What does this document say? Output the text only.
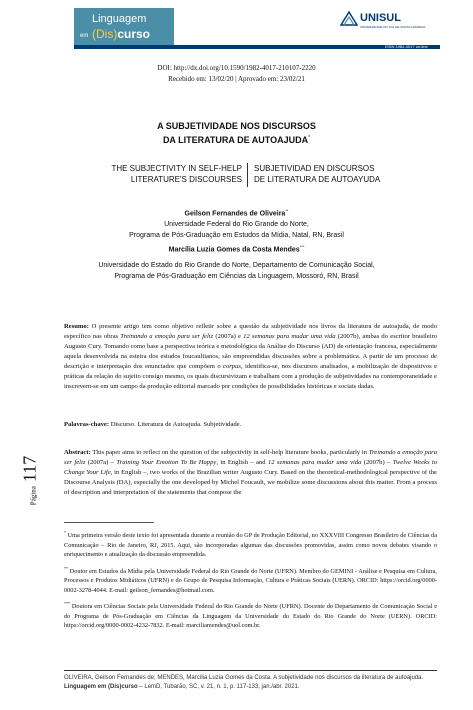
Linguagem
em (Dis)curso
UNISUL
UNIVERSIDADE DO SUL DE SANTA CATARINA
ISSN 1982-4017 on-line
DOI: http://dx.doi.org/10.1590/1982-4017-210107-2220
Recebido em: 13/02/20 | Aprovado em: 23/02/21
A SUBJETIVIDADE NOS DISCURSOS
DA LITERATURA DE AUTOAJUDA*
THE SUBJECTIVITY IN SELF-HELP
LITERATURE'S DISCOURSES
SUBJETIVIDAD EN DISCURSOS
DE LITERATURA DE AUTOAYUDA

Geilson Fernandes de Oliveira**

Universidade Federal do Rio Grande do Norte,

Programa de Pós-Graduação em Estudos da Mídia, Natal, RN, Brasil

Marcília Luzia Gomes da Costa Mendes***

Universidade do Estado do Rio Grande do Norte, Departamento de Comunicação Social,

Programa de Pós-Graduação em Ciências da Linguagem, Mossoró, RN, Brasil

Resumo: O presente artigo tem como objetivo refletir sobre a questão da subjetividade nos livros da literatura de autoajuda, de modo específico nas obras Treinando a emoção para ser feliz (2007a) e 12 semanas para mudar uma vida (2007b), ambas do escritor brasileiro Augusto Cury. Tomando como base a perspectiva teórica e metodológica da Análise do Discurso (AD) de orientação francesa, especialmente aquela desenvolvida na esteira dos estudos foucaultianos, são empreendidas discussões sobre a problemática. A partir de um processo de descrição e interpretação dos enunciados que compõem o corpus, identifica-se, nos discursos analisados, a mobilização de dispositivos e práticas da relação do sujeito consigo mesmo, os quais discursivizam e trabalham com a produção de subjetividades na contemporaneidade e inscrevem-se em um campo da produção editorial marcado por condições de possibilidades históricas e sociais dadas.

Palavras-chave: Discurso. Literatura de Autoajuda. Subjetividade.

Abstract: This paper aims to reflect on the question of the subjectivity in self-help literature books, particularly in Treinando a emoção para ser feliz (2007a) – Training Your Emotion To Be Happy, in English – and 12 semanas para mudar uma vida (2007b) – Twelve Weeks to Change Your Life, in English –, two works of the Brazilian writer Augusto Cury. Based on the theoretical-methodological perspective of the Discourse Analysis (DA), especially the one developed by Michel Foucault, we mobilize some discussions about this matter. From a process of description and interpretation of the statements that compose the

Página 117

* Uma primeira versão deste texto foi apresentada durante a reunião do GP de Produção Editorial, no XXXVIII Congresso Brasileiro de Ciências da Comunicação – Rio de Janeiro, RJ, 2015. Aqui, são incorporadas algumas das discussões promovidas, assim como novos debates visando o enriquecimento e atualização da discussão empreendida.

** Doutor em Estudos da Mídia pela Universidade Federal do Rio Grande do Norte (UFRN). Membro do GEMINI - Análise e Pesquisa em Cultura, Processos e Produtos Midiáticos (UFRN) e do Grupo de Pesquisa Informação, Cultura e Práticas Sociais (UERN). ORCID: https://orcid.org/0000-0002-3278-4044. E-mail: geilson_fernandes@hotmail.com.

*** Doutora em Ciências Sociais pela Universidade Federal do Rio Grande do Norte (UFRN). Docente do Departamento de Comunicação Social e do Programa de Pós-Graduação em Ciências da Linguagem da Universidade do Estado do Rio Grande do Norte (UERN). ORCID: https://orcid.org/0000-0002-4232-7832. E-mail: marciliamendes@uol.com.br.

OLIVEIRA, Geilson Fernandes de; MENDES, Marcília Luzia Gomes da Costa. A subjetividade nos discursos da literatura de autoajuda. Linguagem em (Dis)curso – LemD, Tubarão, SC, v. 21, n. 1, p. 117-133, jan./abr. 2021.
